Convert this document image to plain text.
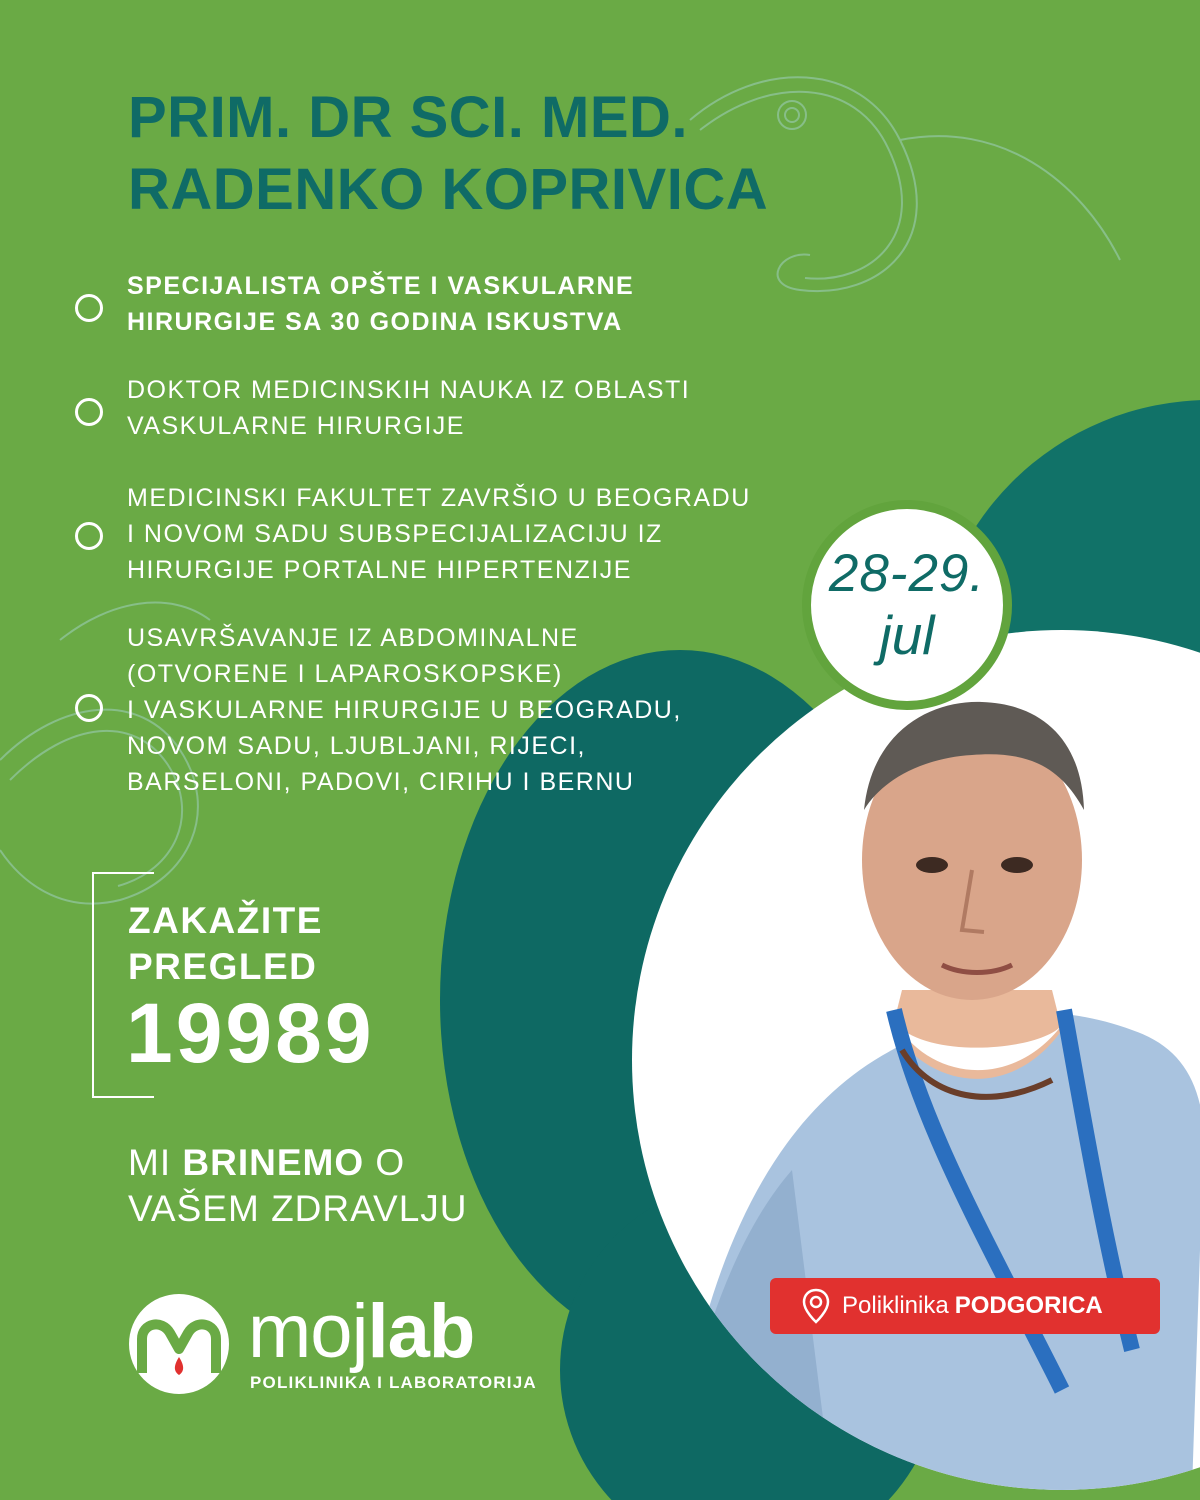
PRIM. DR SCI. MED.
RADENKO KOPRIVICA
SPECIJALISTA OPŠTE I VASKULARNE
HIRURGIJE SA 30 GODINA ISKUSTVA
DOKTOR MEDICINSKIH NAUKA IZ OBLASTI
VASKULARNE HIRURGIJE
MEDICINSKI FAKULTET ZAVRŠIO U BEOGRADU
I NOVOM SADU SUBSPECIJALIZACIJU IZ
HIRURGIJE PORTALNE HIPERTENZIJE
USAVRŠAVANJE IZ ABDOMINALNE
(OTVORENE I LAPAROSKOPSKE)
I VASKULARNE HIRURGIJE U BEOGRADU,
NOVOM SADU, LJUBLJANI, RIJECI,
BARSELONI, PADOVI, CIRIHU I BERNU
ZAKAŽITE
PREGLED
19989
MI BRINEMO O
VAŠEM ZDRAVLJU
28-29.
jul
Poliklinika PODGORICA
mojlab
POLIKLINIKA I LABORATORIJA
